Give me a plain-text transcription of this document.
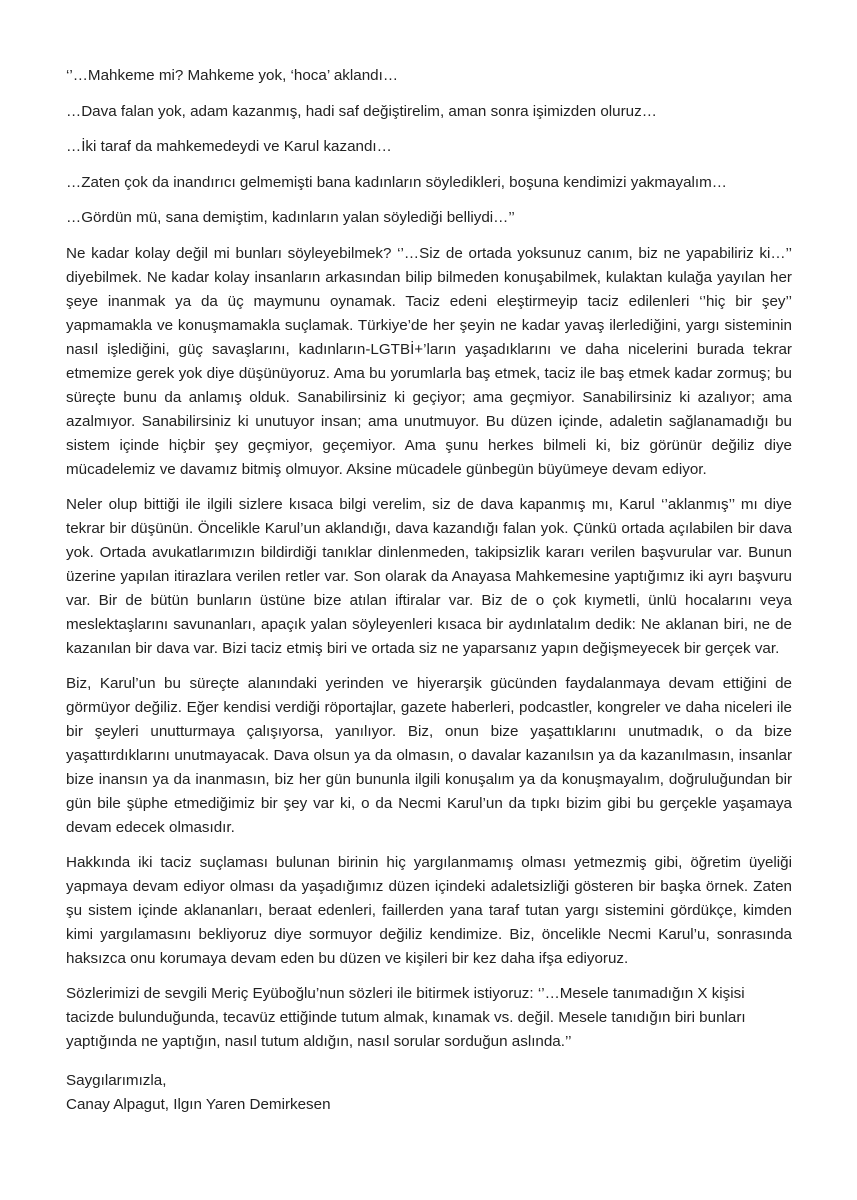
‘’…Mahkeme mi? Mahkeme yok, ‘hoca’ aklandı…

…Dava falan yok, adam kazanmış, hadi saf değiştirelim, aman sonra işimizden oluruz…

…İki taraf da mahkemedeydi ve Karul kazandı…

…Zaten çok da inandırıcı gelmemişti bana kadınların söyledikleri, boşuna kendimizi yakmayalım…

…Gördün mü, sana demiştim, kadınların yalan söylediği belliydi…’’

Ne kadar kolay değil mi bunları söyleyebilmek? ‘’…Siz de ortada yoksunuz canım, biz ne yapabiliriz ki…’’ diyebilmek. Ne kadar kolay insanların arkasından bilip bilmeden konuşabilmek, kulaktan kulağa yayılan her şeye inanmak ya da üç maymunu oynamak. Taciz edeni eleştirmeyip taciz edilenleri ‘’hiç bir şey’’ yapmamakla ve konuşmamakla suçlamak. Türkiye’de her şeyin ne kadar yavaş ilerlediğini, yargı sisteminin nasıl işlediğini, güç savaşlarını, kadınların-LGTBİ+’ların yaşadıklarını ve daha nicelerini burada tekrar etmemize gerek yok diye düşünüyoruz. Ama bu yorumlarla baş etmek, taciz ile baş etmek kadar zormuş; bu süreçte bunu da anlamış olduk. Sanabilirsiniz ki geçiyor; ama geçmiyor. Sanabilirsiniz ki azalıyor; ama azalmıyor. Sanabilirsiniz ki unutuyor insan; ama unutmuyor. Bu düzen içinde, adaletin sağlanamadığı bu sistem içinde hiçbir şey geçmiyor, geçemiyor. Ama şunu herkes bilmeli ki, biz görünür değiliz diye mücadelemiz ve davamız bitmiş olmuyor. Aksine mücadele günbegün büyümeye devam ediyor.

Neler olup bittiği ile ilgili sizlere kısaca bilgi verelim, siz de dava kapanmış mı, Karul ‘’aklanmış’’ mı diye tekrar bir düşünün. Öncelikle Karul’un aklandığı, dava kazandığı falan yok. Çünkü ortada açılabilen bir dava yok. Ortada avukatlarımızın bildirdiği tanıklar dinlenmeden, takipsizlik kararı verilen başvurular var. Bunun üzerine yapılan itirazlara verilen retler var. Son olarak da Anayasa Mahkemesine yaptığımız iki ayrı başvuru var. Bir de bütün bunların üstüne bize atılan iftiralar var. Biz de o çok kıymetli, ünlü hocalarını veya meslektaşlarını savunanları, apaçık yalan söyleyenleri kısaca bir aydınlatalım dedik: Ne aklanan biri, ne de kazanılan bir dava var. Bizi taciz etmiş biri ve ortada siz ne yaparsanız yapın değişmeyecek bir gerçek var.

Biz, Karul’un bu süreçte alanındaki yerinden ve hiyerarşik gücünden faydalanmaya devam ettiğini de görmüyor değiliz. Eğer kendisi verdiği röportajlar, gazete haberleri, podcastler, kongreler ve daha niceleri ile bir şeyleri unutturmaya çalışıyorsa, yanılıyor. Biz, onun bize yaşattıklarını unutmadık, o da bize yaşattırdıklarını unutmayacak. Dava olsun ya da olmasın, o davalar kazanılsın ya da kazanılmasın, insanlar bize inansın ya da inanmasın, biz her gün bununla ilgili konuşalım ya da konuşmayalım, doğruluğundan bir gün bile şüphe etmediğimiz bir şey var ki, o da Necmi Karul’un da tıpkı bizim gibi bu gerçekle yaşamaya devam edecek olmasıdır.

Hakkında iki taciz suçlaması bulunan birinin hiç yargılanmamış olması yetmezmiş gibi, öğretim üyeliği yapmaya devam ediyor olması da yaşadığımız düzen içindeki adaletsizliği gösteren bir başka örnek. Zaten şu sistem içinde aklananları, beraat edenleri, faillerden yana taraf tutan yargı sistemini gördükçe, kimden kimi yargılamasını bekliyoruz diye sormuyor değiliz kendimize. Biz, öncelikle Necmi Karul’u, sonrasında haksızca onu korumaya devam eden bu düzen ve kişileri bir kez daha ifşa ediyoruz.

Sözlerimizi de sevgili Meriç Eyüboğlu’nun sözleri ile bitirmek istiyoruz: ‘’…Mesele tanımadığın X kişisi tacizde bulunduğunda, tecavüz ettiğinde tutum almak, kınamak vs. değil. Mesele tanıdığın biri bunları yaptığında ne yaptığın, nasıl tutum aldığın, nasıl sorular sorduğun aslında.’’

Saygılarımızla,
Canay Alpagut, Ilgın Yaren Demirkesen
